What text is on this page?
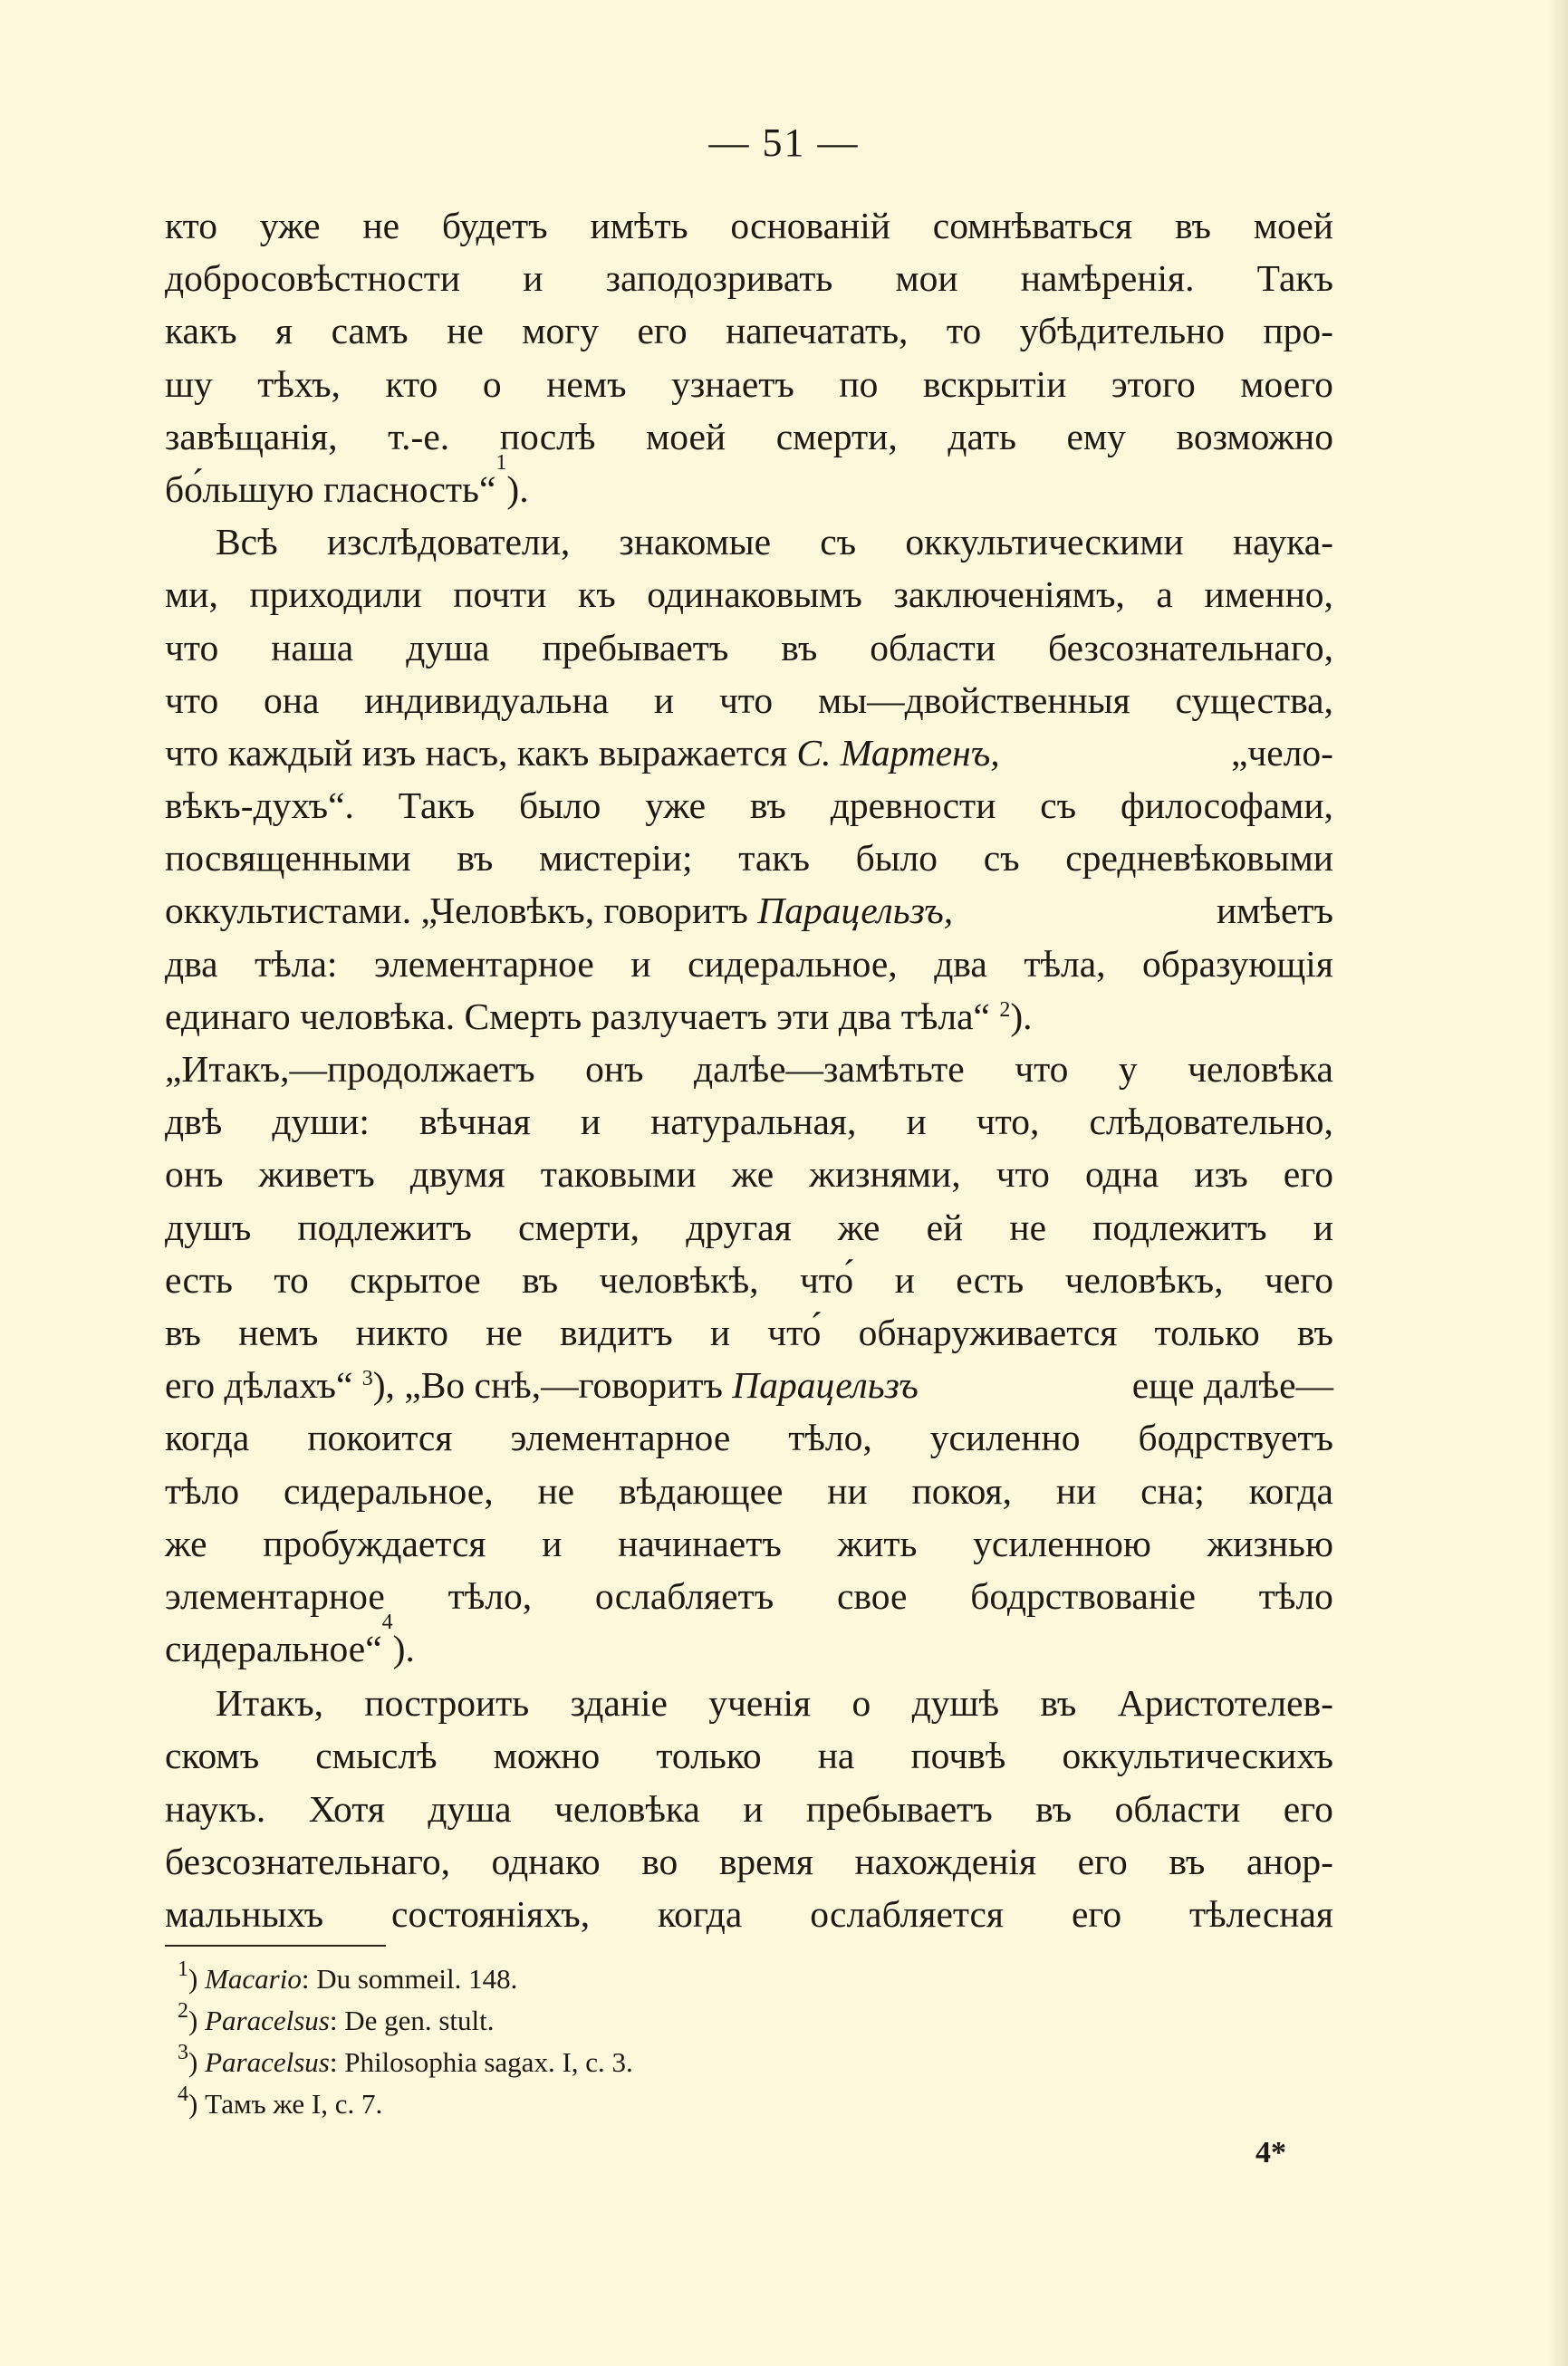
— 51 —
кто уже не будетъ имѣть основаній сомнѣваться въ моей
добросовѣстности и заподозривать мои намѣренія. Такъ
какъ я самъ не могу его напечатать, то убѣдительно про-
шу тѣхъ, кто о немъ узнаетъ по вскрытіи этого моего
завѣщанія, т.-е. послѣ моей смерти, дать ему возможно
бо́льшую гласность“
1
).
Всѣ изслѣдователи, знакомые съ оккультическими наука-
ми, приходили почти къ одинаковымъ заключеніямъ, а именно,
что наша душа пребываетъ въ области безсознательнаго,
что она индивидуальна и что мы—двойственныя существа,
что каждый изъ насъ, какъ выражается С. Мартенъ,	„чело-
вѣкъ-духъ“. Такъ было уже въ древности съ философами,
посвященными въ мистеріи; такъ было съ средневѣковыми
оккультистами. „Человѣкъ, говоритъ Парацельзъ,	имѣетъ
два тѣла: элементарное и сидеральное, два тѣла, образующія
единаго человѣка. Смерть разлучаетъ эти два тѣла“ $^2$).
„Итакъ,—продолжаетъ онъ далѣе—замѣтьте что у человѣка
двѣ души: вѣчная и натуральная, и что, слѣдовательно,
онъ живетъ двумя таковыми же жизнями, что одна изъ его
душъ подлежитъ смерти, другая же ей не подлежитъ и
есть то скрытое въ человѣкѣ, что́ и есть человѣкъ, чего
въ немъ никто не видитъ и что́ обнаруживается только въ
его дѣлахъ“ $^3$), „Во снѣ,—говоритъ Парацельзъ	еще далѣе—
когда покоится элементарное тѣло, усиленно бодрствуетъ
тѣло сидеральное, не вѣдающее ни покоя, ни сна; когда
же пробуждается и начинаетъ жить усиленною жизнью
элементарное тѣло, ослабляетъ свое бодрствованіе тѣло
сидеральное“
4
).
Итакъ, построить зданіе ученія о душѣ въ Аристотелев-
скомъ смыслѣ можно только на почвѣ оккультическихъ
наукъ. Хотя душа человѣка и пребываетъ въ области его
безсознательнаго, однако во время нахожденія его въ анор-
мальныхъ состояніяхъ, когда ослабляется его тѣлесная
$^1$) Macario: Du sommeil. 148.
$^2$) Paracelsus: De gen. stult.
$^3$) Paracelsus: Philosophia sagax. I, c. 3.
$^4$) Тамъ же I, с. 7.
4*
